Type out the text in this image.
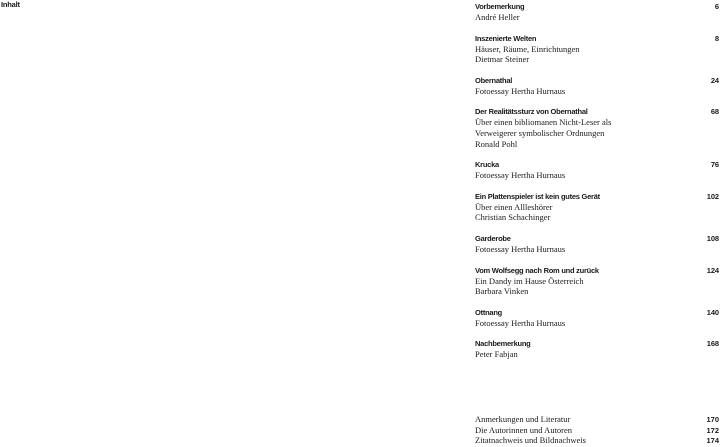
Inhalt	Vorbemerkung	6
André Heller
Inszenierte Welten	8
Häuser, Räume, Einrichtungen
Dietmar Steiner
Obernathal	24
Fotoessay Hertha Hurnaus
Der Realitätssturz von Obernathal	68
Über einen bibliomanen Nicht-Leser als
Verweigerer symbolischer Ordnungen
Ronald Pohl
Krucka	76
Fotoessay Hertha Hurnaus
Ein Plattenspieler ist kein gutes Gerät	102
Über einen Allleshörer
Christian Schachinger
Garderobe	108
Fotoessay Hertha Hurnaus
Vom Wolfsegg nach Rom und zurück	124
Ein Dandy im Hause Österreich
Barbara Vinken
Ottnang	140
Fotoessay Hertha Hurnaus
Nachbemerkung	168
Peter Fabjan
Anmerkungen und Literatur	170
Die Autorinnen und Autoren	172
Zitatnachweis und Bildnachweis	174
